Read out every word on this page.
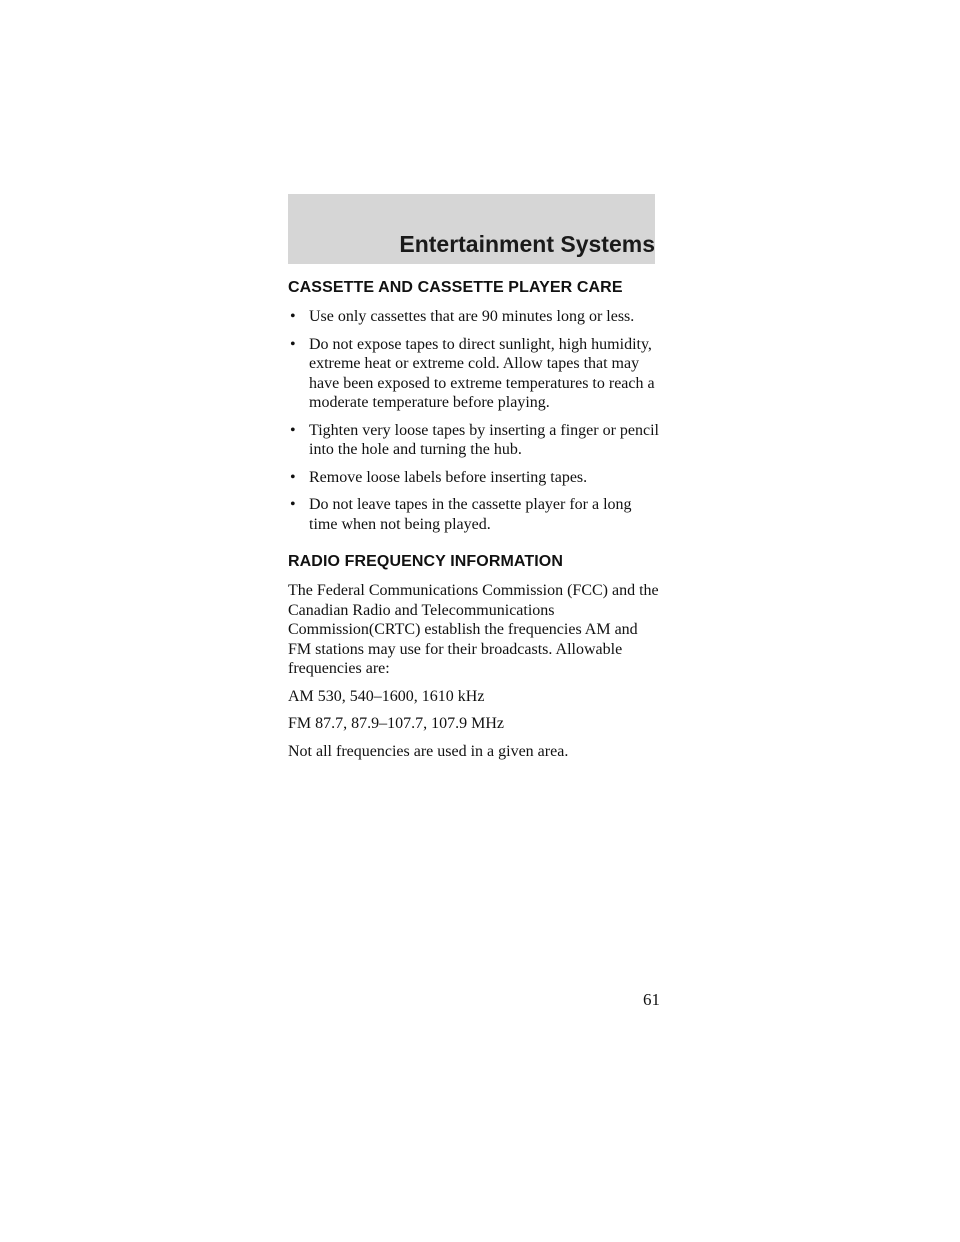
Entertainment Systems
CASSETTE AND CASSETTE PLAYER CARE
• Use only cassettes that are 90 minutes long or less.
• Do not expose tapes to direct sunlight, high humidity, extreme heat or extreme cold. Allow tapes that may have been exposed to extreme temperatures to reach a moderate temperature before playing.
• Tighten very loose tapes by inserting a finger or pencil into the hole and turning the hub.
• Remove loose labels before inserting tapes.
• Do not leave tapes in the cassette player for a long time when not being played.
RADIO FREQUENCY INFORMATION

The Federal Communications Commission (FCC) and the Canadian Radio and Telecommunications Commission(CRTC) establish the frequencies AM and FM stations may use for their broadcasts. Allowable frequencies are:

AM 530, 540–1600, 1610 kHz

FM 87.7, 87.9–107.7, 107.9 MHz

Not all frequencies are used in a given area.

61
